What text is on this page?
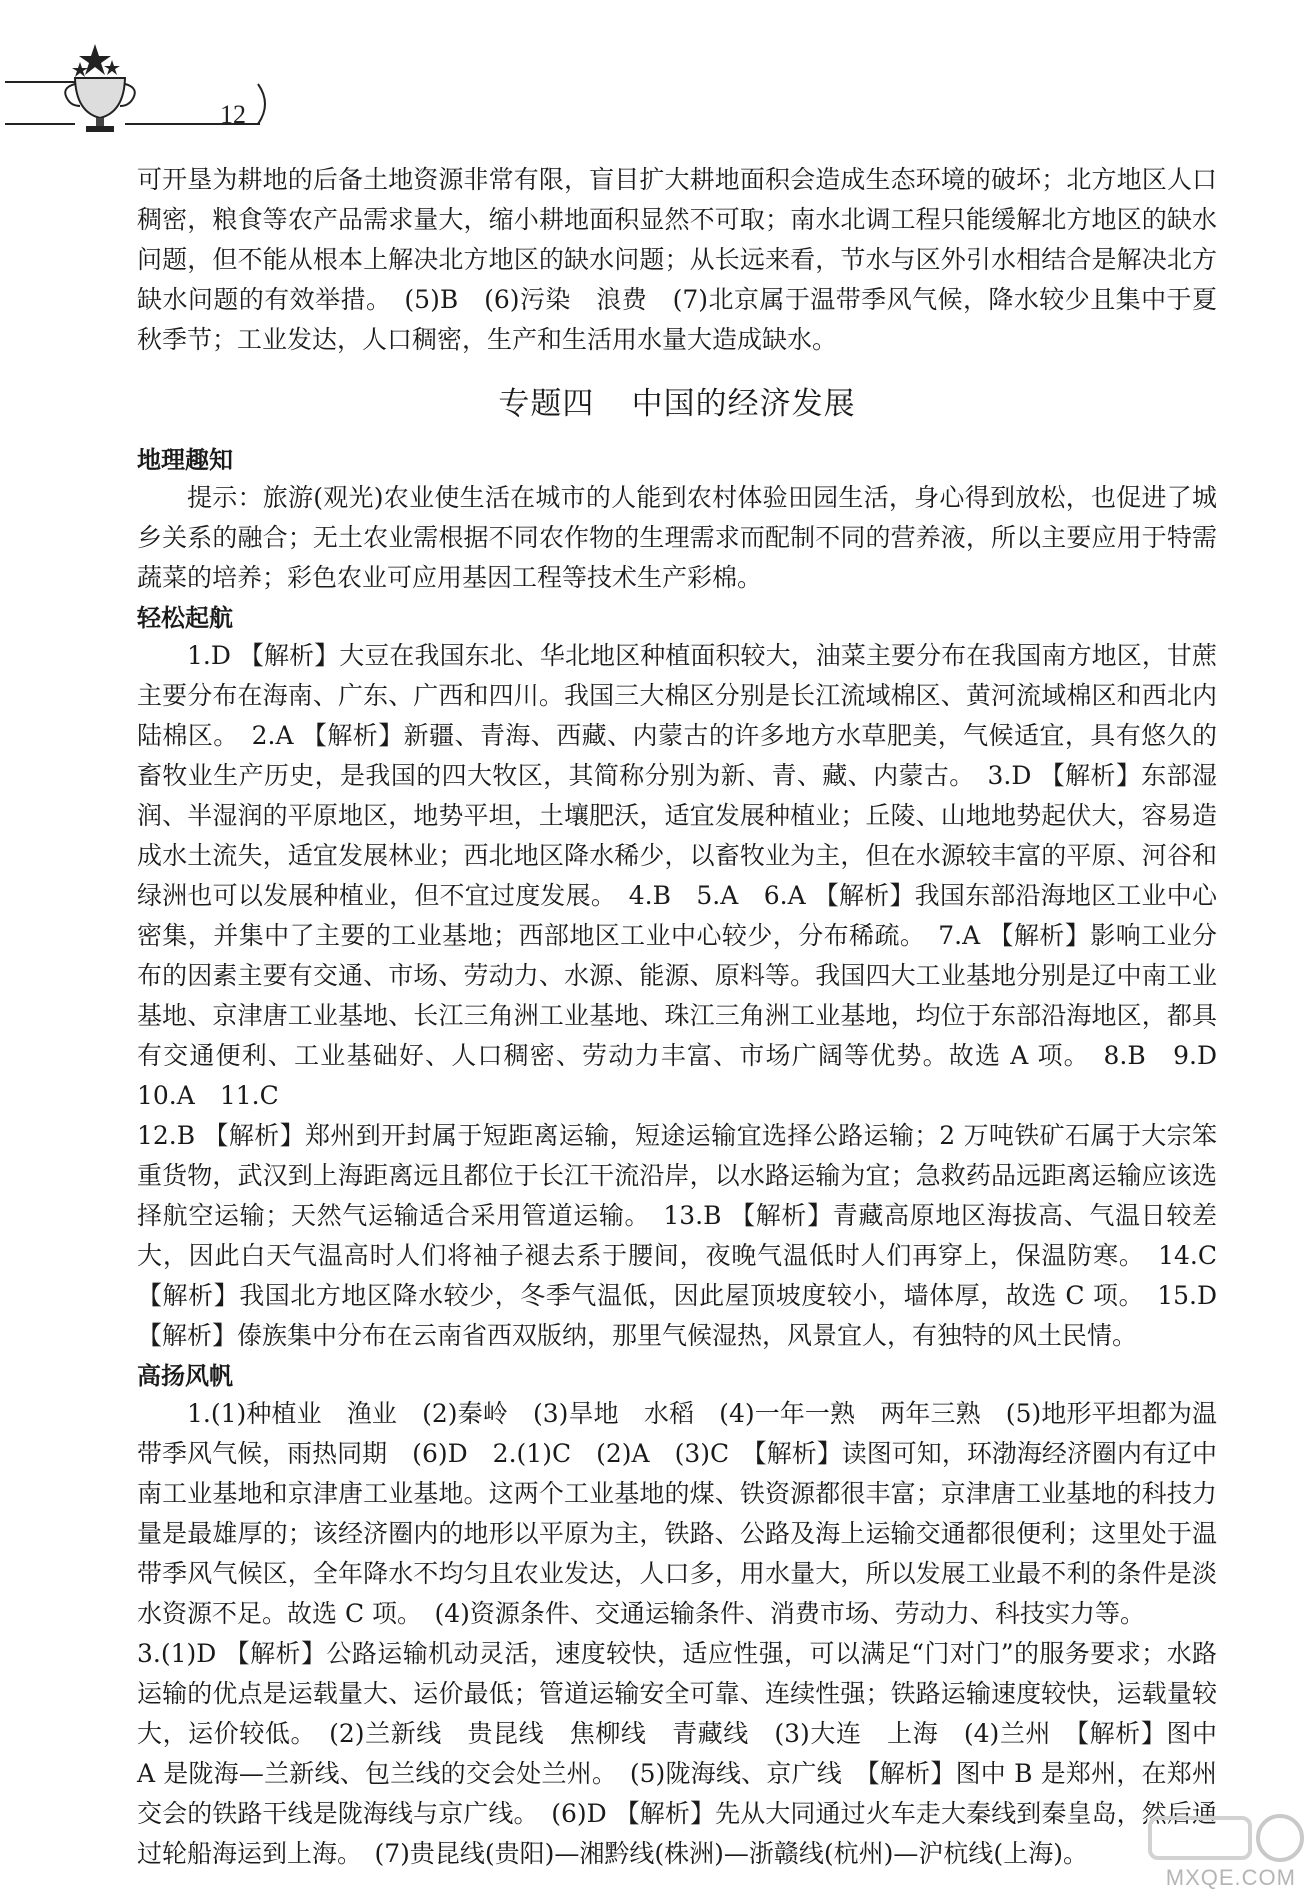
12

可开垦为耕地的后备土地资源非常有限，盲目扩大耕地面积会造成生态环境的破坏；北方地区人口稠密，粮食等农产品需求量大，缩小耕地面积显然不可取；南水北调工程只能缓解北方地区的缺水问题，但不能从根本上解决北方地区的缺水问题；从长远来看，节水与区外引水相结合是解决北方缺水问题的有效举措。　(5)B　(6)污染　浪费　(7)北京属于温带季风气候，降水较少且集中于夏秋季节；工业发达，人口稠密，生产和生活用水量大造成缺水。

专题四 中国的经济发展
地理趣知

提示：旅游(观光)农业使生活在城市的人能到农村体验田园生活，身心得到放松，也促进了城乡关系的融合；无土农业需根据不同农作物的生理需求而配制不同的营养液，所以主要应用于特需蔬菜的培养；彩色农业可应用基因工程等技术生产彩棉。

轻松起航

1.D 【解析】大豆在我国东北、华北地区种植面积较大，油菜主要分布在我国南方地区，甘蔗主要分布在海南、广东、广西和四川。我国三大棉区分别是长江流域棉区、黄河流域棉区和西北内陆棉区。　2.A 【解析】新疆、青海、西藏、内蒙古的许多地方水草肥美，气候适宜，具有悠久的畜牧业生产历史，是我国的四大牧区，其简称分别为新、青、藏、内蒙古。　3.D 【解析】东部湿润、半湿润的平原地区，地势平坦，土壤肥沃，适宜发展种植业；丘陵、山地地势起伏大，容易造成水土流失，适宜发展林业；西北地区降水稀少，以畜牧业为主，但在水源较丰富的平原、河谷和绿洲也可以发展种植业，但不宜过度发展。　4.B　5.A　6.A 【解析】我国东部沿海地区工业中心密集，并集中了主要的工业基地；西部地区工业中心较少，分布稀疏。　7.A 【解析】影响工业分布的因素主要有交通、市场、劳动力、水源、能源、原料等。我国四大工业基地分别是辽中南工业基地、京津唐工业基地、长江三角洲工业基地、珠江三角洲工业基地，均位于东部沿海地区，都具有交通便利、工业基础好、人口稠密、劳动力丰富、市场广阔等优势。故选 A 项。　8.B　9.D　10.A　11.C

12.B 【解析】郑州到开封属于短距离运输，短途运输宜选择公路运输；2 万吨铁矿石属于大宗笨重货物，武汉到上海距离远且都位于长江干流沿岸，以水路运输为宜；急救药品远距离运输应该选择航空运输；天然气运输适合采用管道运输。　13.B 【解析】青藏高原地区海拔高、气温日较差大，因此白天气温高时人们将袖子褪去系于腰间，夜晚气温低时人们再穿上，保温防寒。　14.C 【解析】我国北方地区降水较少，冬季气温低，因此屋顶坡度较小，墙体厚，故选 C 项。　15.D 【解析】傣族集中分布在云南省西双版纳，那里气候湿热，风景宜人，有独特的风土民情。

高扬风帆

1.(1)种植业　渔业　(2)秦岭　(3)旱地　水稻　(4)一年一熟　两年三熟　(5)地形平坦都为温带季风气候，雨热同期　(6)D　2.(1)C　(2)A　(3)C　【解析】读图可知，环渤海经济圈内有辽中南工业基地和京津唐工业基地。这两个工业基地的煤、铁资源都很丰富；京津唐工业基地的科技力量是最雄厚的；该经济圈内的地形以平原为主，铁路、公路及海上运输交通都很便利；这里处于温带季风气候区，全年降水不均匀且农业发达，人口多，用水量大，所以发展工业最不利的条件是淡水资源不足。故选 C 项。　(4)资源条件、交通运输条件、消费市场、劳动力、科技实力等。

3.(1)D 【解析】公路运输机动灵活，速度较快，适应性强，可以满足“门对门”的服务要求；水路运输的优点是运载量大、运价最低；管道运输安全可靠、连续性强；铁路运输速度较快，运载量较大，运价较低。　(2)兰新线　贵昆线　焦柳线　青藏线　(3)大连　上海　(4)兰州　【解析】图中 A 是陇海—兰新线、包兰线的交会处兰州。　(5)陇海线、京广线　【解析】图中 B 是郑州，在郑州交会的铁路干线是陇海线与京广线。　(6)D 【解析】先从大同通过火车走大秦线到秦皇岛，然后通过轮船海运到上海。　(7)贵昆线(贵阳)—湘黔线(株洲)—浙赣线(杭州)—沪杭线(上海)。

MXQE.COM
